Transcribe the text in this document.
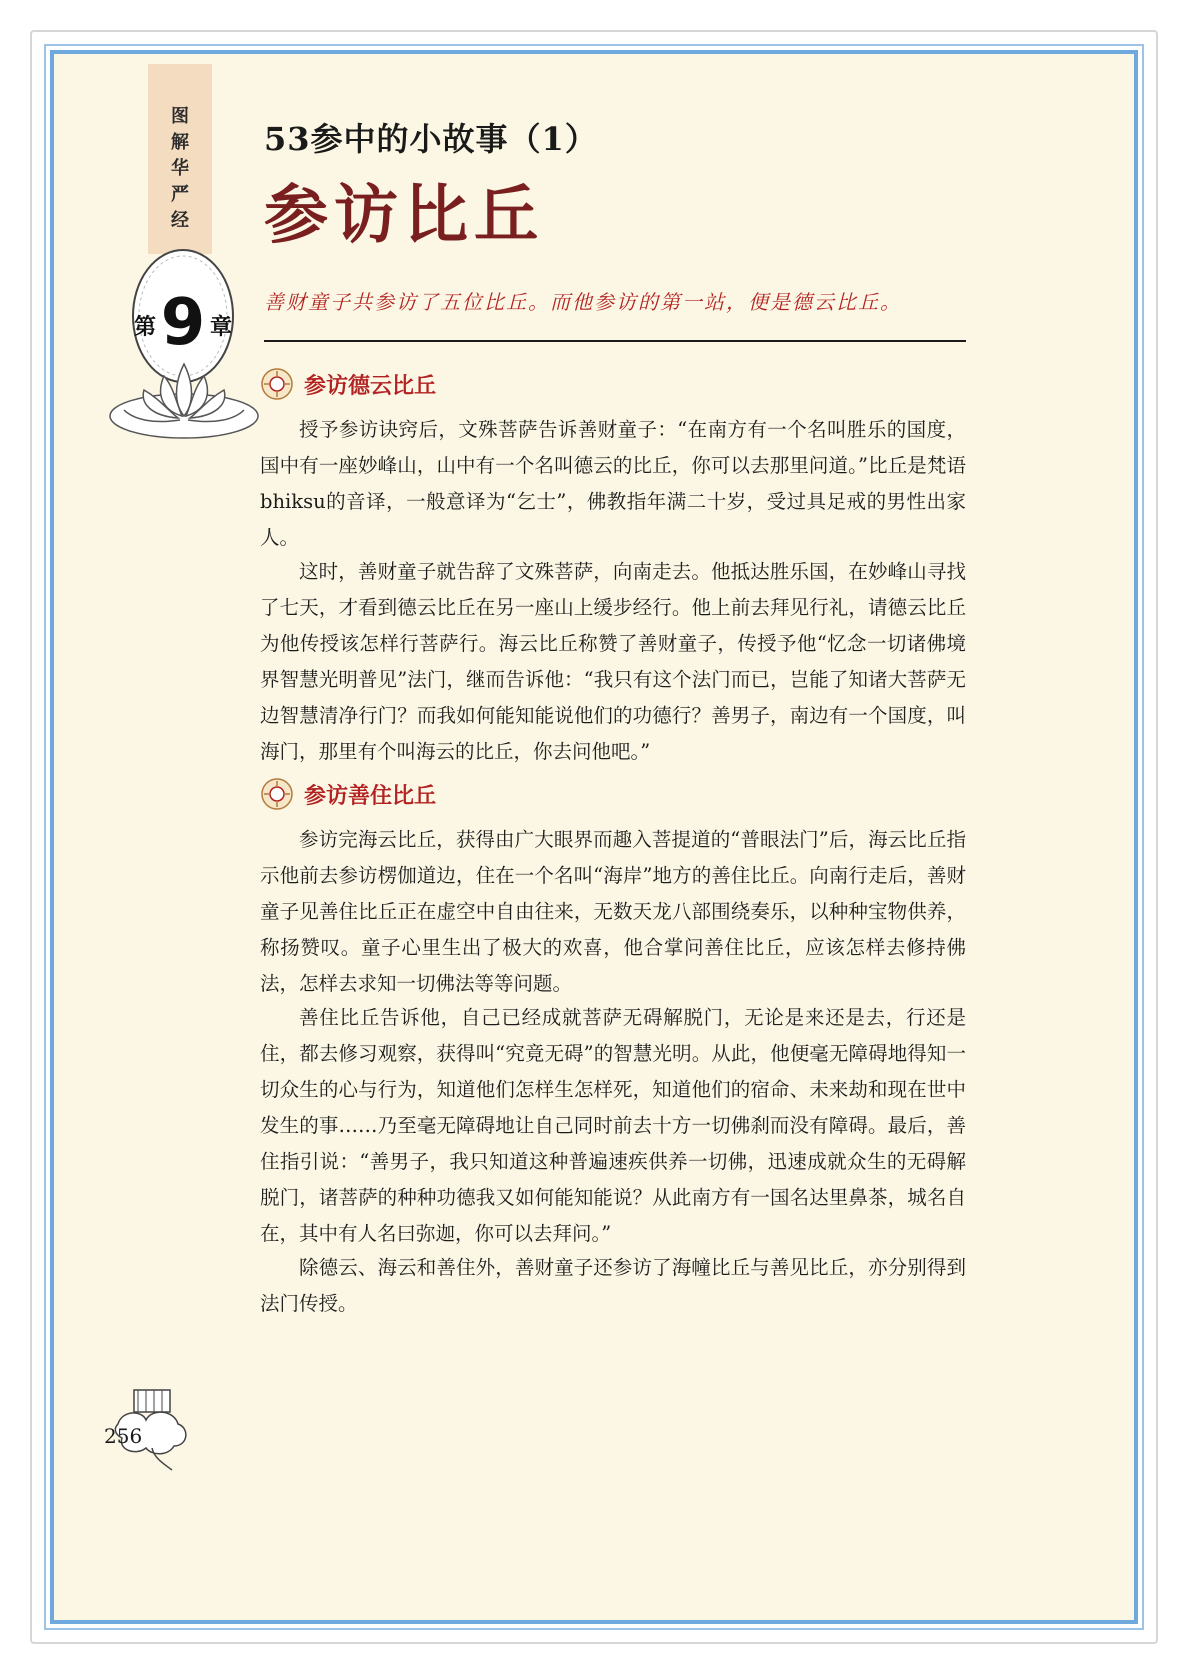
图
解
华
严
经
第 9 章
53参中的小故事（1）
参访比丘
善财童子共参访了五位比丘。而他参访的第一站，便是德云比丘。
参访德云比丘

授予参访诀窍后，文殊菩萨告诉善财童子：“在南方有一个名叫胜乐的国度，国中有一座妙峰山，山中有一个名叫德云的比丘，你可以去那里问道。”比丘是梵语bhiksu的音译，一般意译为“乞士”，佛教指年满二十岁，受过具足戒的男性出家人。

这时，善财童子就告辞了文殊菩萨，向南走去。他抵达胜乐国，在妙峰山寻找了七天，才看到德云比丘在另一座山上缓步经行。他上前去拜见行礼，请德云比丘为他传授该怎样行菩萨行。海云比丘称赞了善财童子，传授予他“忆念一切诸佛境界智慧光明普见”法门，继而告诉他：“我只有这个法门而已，岂能了知诸大菩萨无边智慧清净行门？而我如何能知能说他们的功德行？善男子，南边有一个国度，叫海门，那里有个叫海云的比丘，你去问他吧。”

参访善住比丘

参访完海云比丘，获得由广大眼界而趣入菩提道的“普眼法门”后，海云比丘指示他前去参访楞伽道边，住在一个名叫“海岸”地方的善住比丘。向南行走后，善财童子见善住比丘正在虚空中自由往来，无数天龙八部围绕奏乐，以种种宝物供养，称扬赞叹。童子心里生出了极大的欢喜，他合掌问善住比丘，应该怎样去修持佛法，怎样去求知一切佛法等等问题。

善住比丘告诉他，自己已经成就菩萨无碍解脱门，无论是来还是去，行还是住，都去修习观察，获得叫“究竟无碍”的智慧光明。从此，他便毫无障碍地得知一切众生的心与行为，知道他们怎样生怎样死，知道他们的宿命、未来劫和现在世中发生的事……乃至毫无障碍地让自己同时前去十方一切佛刹而没有障碍。最后，善住指引说：“善男子，我只知道这种普遍速疾供养一切佛，迅速成就众生的无碍解脱门，诸菩萨的种种功德我又如何能知能说？从此南方有一国名达里鼻茶，城名自在，其中有人名曰弥迦，你可以去拜问。”

除德云、海云和善住外，善财童子还参访了海幢比丘与善见比丘，亦分别得到法门传授。

256
